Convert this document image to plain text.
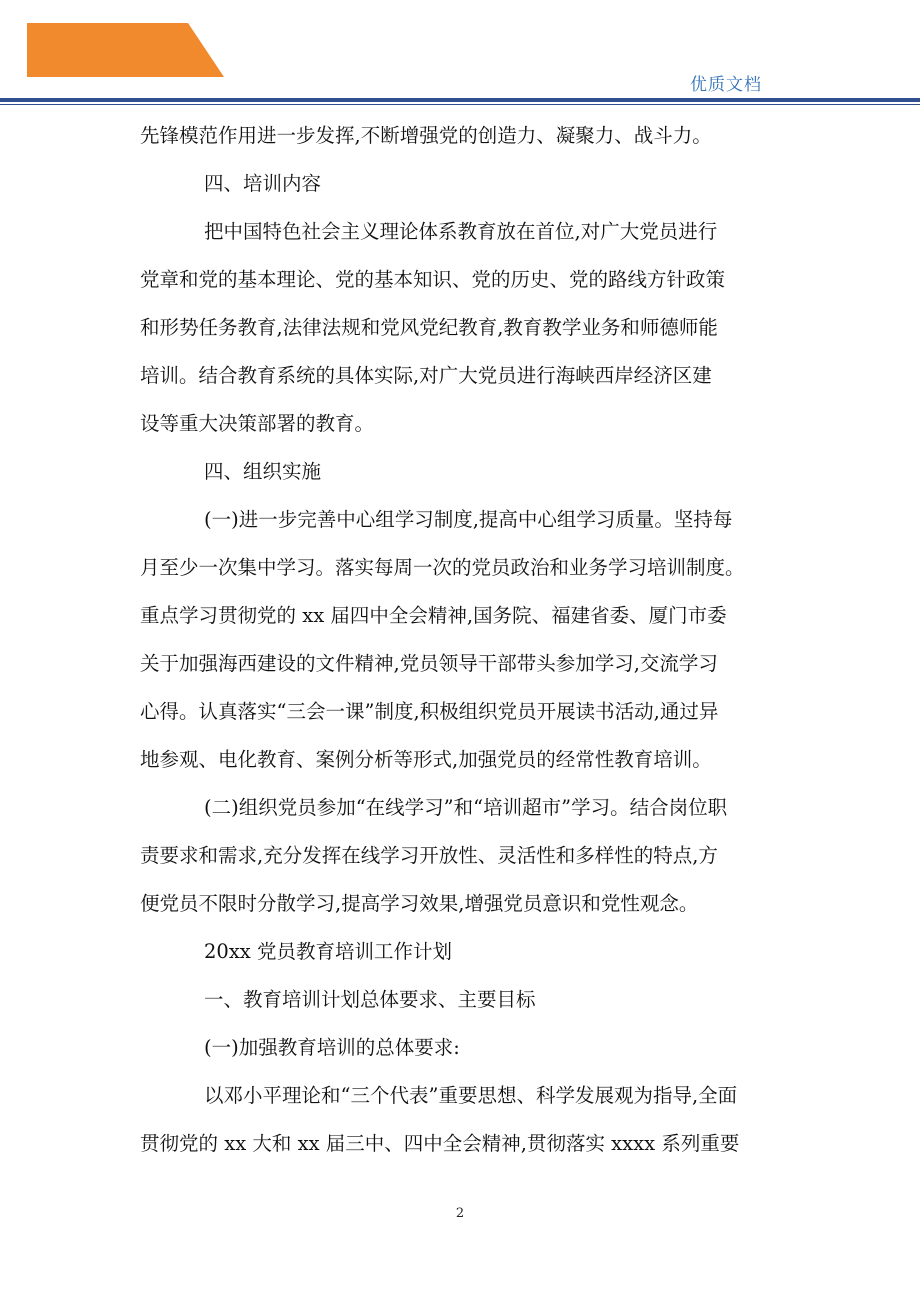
优质文档
先锋模范作用进一步发挥,不断增强党的创造力、凝聚力、战斗力。
四、培训内容
把中国特色社会主义理论体系教育放在首位,对广大党员进行
党章和党的基本理论、党的基本知识、党的历史、党的路线方针政策
和形势任务教育,法律法规和党风党纪教育,教育教学业务和师德师能
培训。结合教育系统的具体实际,对广大党员进行海峡西岸经济区建
设等重大决策部署的教育。
四、组织实施
(一)进一步完善中心组学习制度,提高中心组学习质量。坚持每
月至少一次集中学习。落实每周一次的党员政治和业务学习培训制度。
重点学习贯彻党的 xx 届四中全会精神,国务院、福建省委、厦门市委
关于加强海西建设的文件精神,党员领导干部带头参加学习,交流学习
心得。认真落实“三会一课”制度,积极组织党员开展读书活动,通过异
地参观、电化教育、案例分析等形式,加强党员的经常性教育培训。
(二)组织党员参加“在线学习”和“培训超市”学习。结合岗位职
责要求和需求,充分发挥在线学习开放性、灵活性和多样性的特点,方
便党员不限时分散学习,提高学习效果,增强党员意识和党性观念。
20xx 党员教育培训工作计划
一、教育培训计划总体要求、主要目标
(一)加强教育培训的总体要求:
以邓小平理论和“三个代表”重要思想、科学发展观为指导,全面
贯彻党的 xx 大和 xx 届三中、四中全会精神,贯彻落实 xxxx 系列重要
2
